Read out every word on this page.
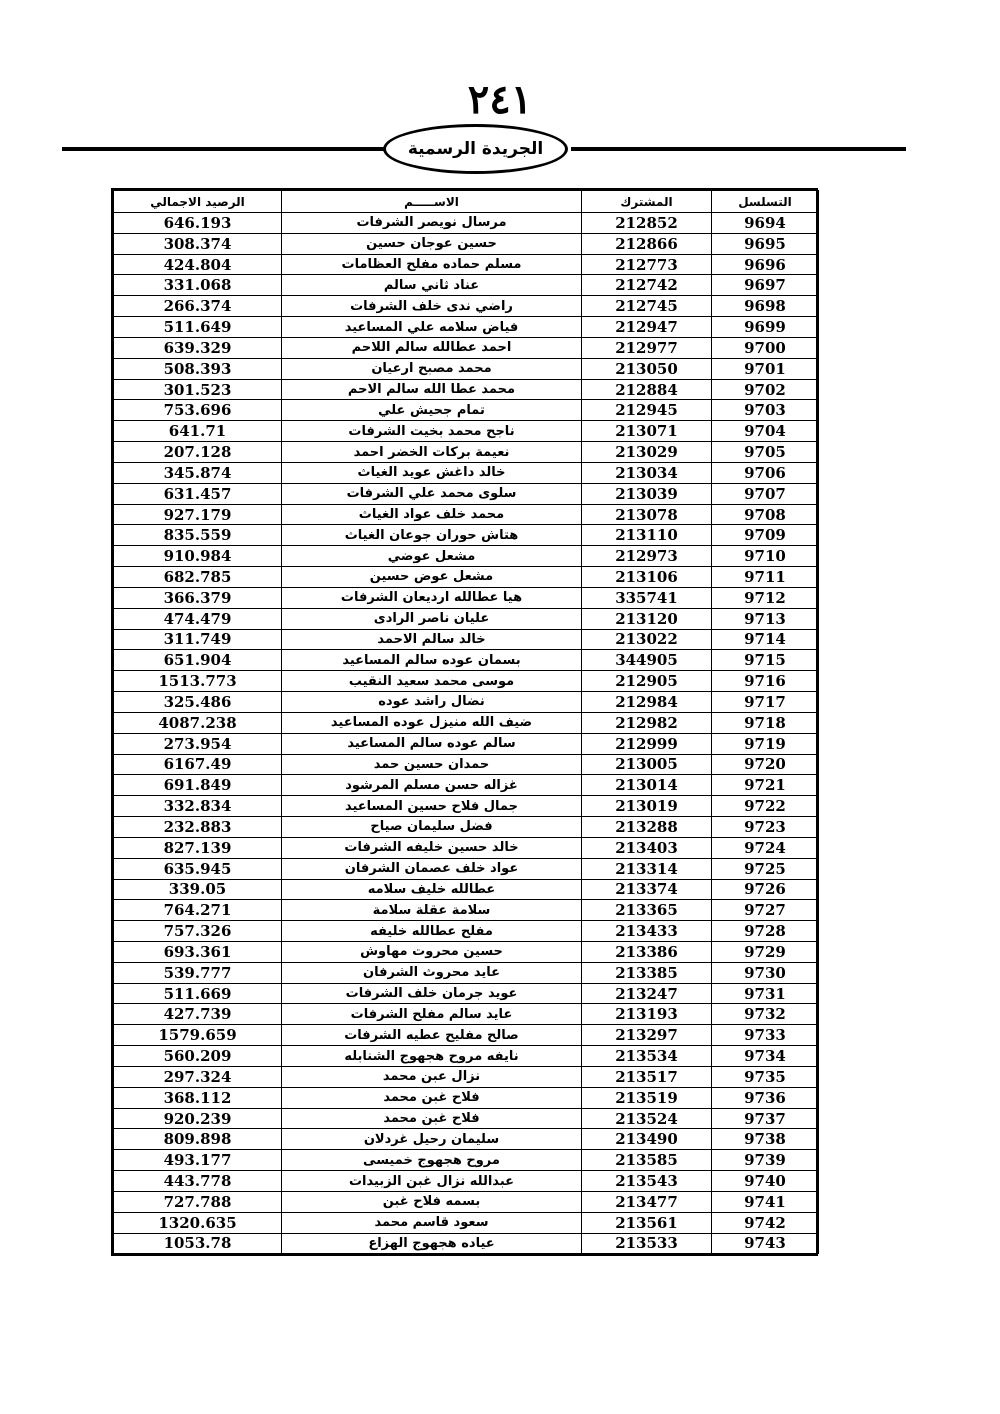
٢٤١
الجريدة الرسمية
الرصيد الاجمالي	الاســـــم	المشترك	التسلسل
646.193	مرسال نويصر الشرفات	212852	9694
308.374	حسين عوجان حسين	212866	9695
424.804	مسلم حماده مفلح العظامات	212773	9696
331.068	عناد ثاني سالم	212742	9697
266.374	راضي ندى خلف الشرفات	212745	9698
511.649	فياض سلامه علي المساعيد	212947	9699
639.329	احمد عطالله سالم اللاحم	212977	9700
508.393	محمد مصبح ارعيان	213050	9701
301.523	محمد عطا الله سالم الاحم	212884	9702
753.696	تمام جحيش علي	212945	9703
641.71	ناجح محمد بخيت الشرفات	213071	9704
207.128	نعيمة بركات الخضر احمد	213029	9705
345.874	خالد داغش عويد الغياث	213034	9706
631.457	سلوى محمد علي الشرفات	213039	9707
927.179	محمد خلف عواد الغياث	213078	9708
835.559	هتاش حوران جوعان الغياث	213110	9709
910.984	مشعل عوضي	212973	9710
682.785	مشعل عوض حسين	213106	9711
366.379	هيا عطالله ارديعان الشرفات	335741	9712
474.479	عليان ناصر الرادى	213120	9713
311.749	خالد سالم الاحمد	213022	9714
651.904	بسمان عوده سالم المساعيد	344905	9715
1513.773	موسى محمد سعيد النقيب	212905	9716
325.486	نضال راشد عوده	212984	9717
4087.238	ضيف الله منيزل عوده المساعيد	212982	9718
273.954	سالم عوده سالم المساعيد	212999	9719
6167.49	حمدان حسين حمد	213005	9720
691.849	غزاله حسن مسلم المرشود	213014	9721
332.834	جمال فلاح حسين المساعيد	213019	9722
232.883	فضل سليمان صياح	213288	9723
827.139	خالد حسين خليفه الشرفات	213403	9724
635.945	عواد خلف عصمان الشرفان	213314	9725
339.05	عطالله خليف سلامه	213374	9726
764.271	سلامة عقلة سلامة	213365	9727
757.326	مفلح عطالله خليفه	213433	9728
693.361	حسين محروت مهاوش	213386	9729
539.777	عايد محروث الشرفان	213385	9730
511.669	عويد جرمان خلف الشرفات	213247	9731
427.739	عايد سالم مفلح الشرفات	213193	9732
1579.659	صالح مفليح عطيه الشرفات	213297	9733
560.209	نايفه مروح هجهوج الشنابله	213534	9734
297.324	نزال عبن محمد	213517	9735
368.112	فلاح غبن محمد	213519	9736
920.239	فلاح غبن محمد	213524	9737
809.898	سليمان رحيل غردلان	213490	9738
493.177	مروح هجهوج خميسى	213585	9739
443.778	عبدالله نزال غبن الزبيدات	213543	9740
727.788	بسمه فلاح غبن	213477	9741
1320.635	سعود قاسم محمد	213561	9742
1053.78	عياده هجهوج الهزاع	213533	9743
